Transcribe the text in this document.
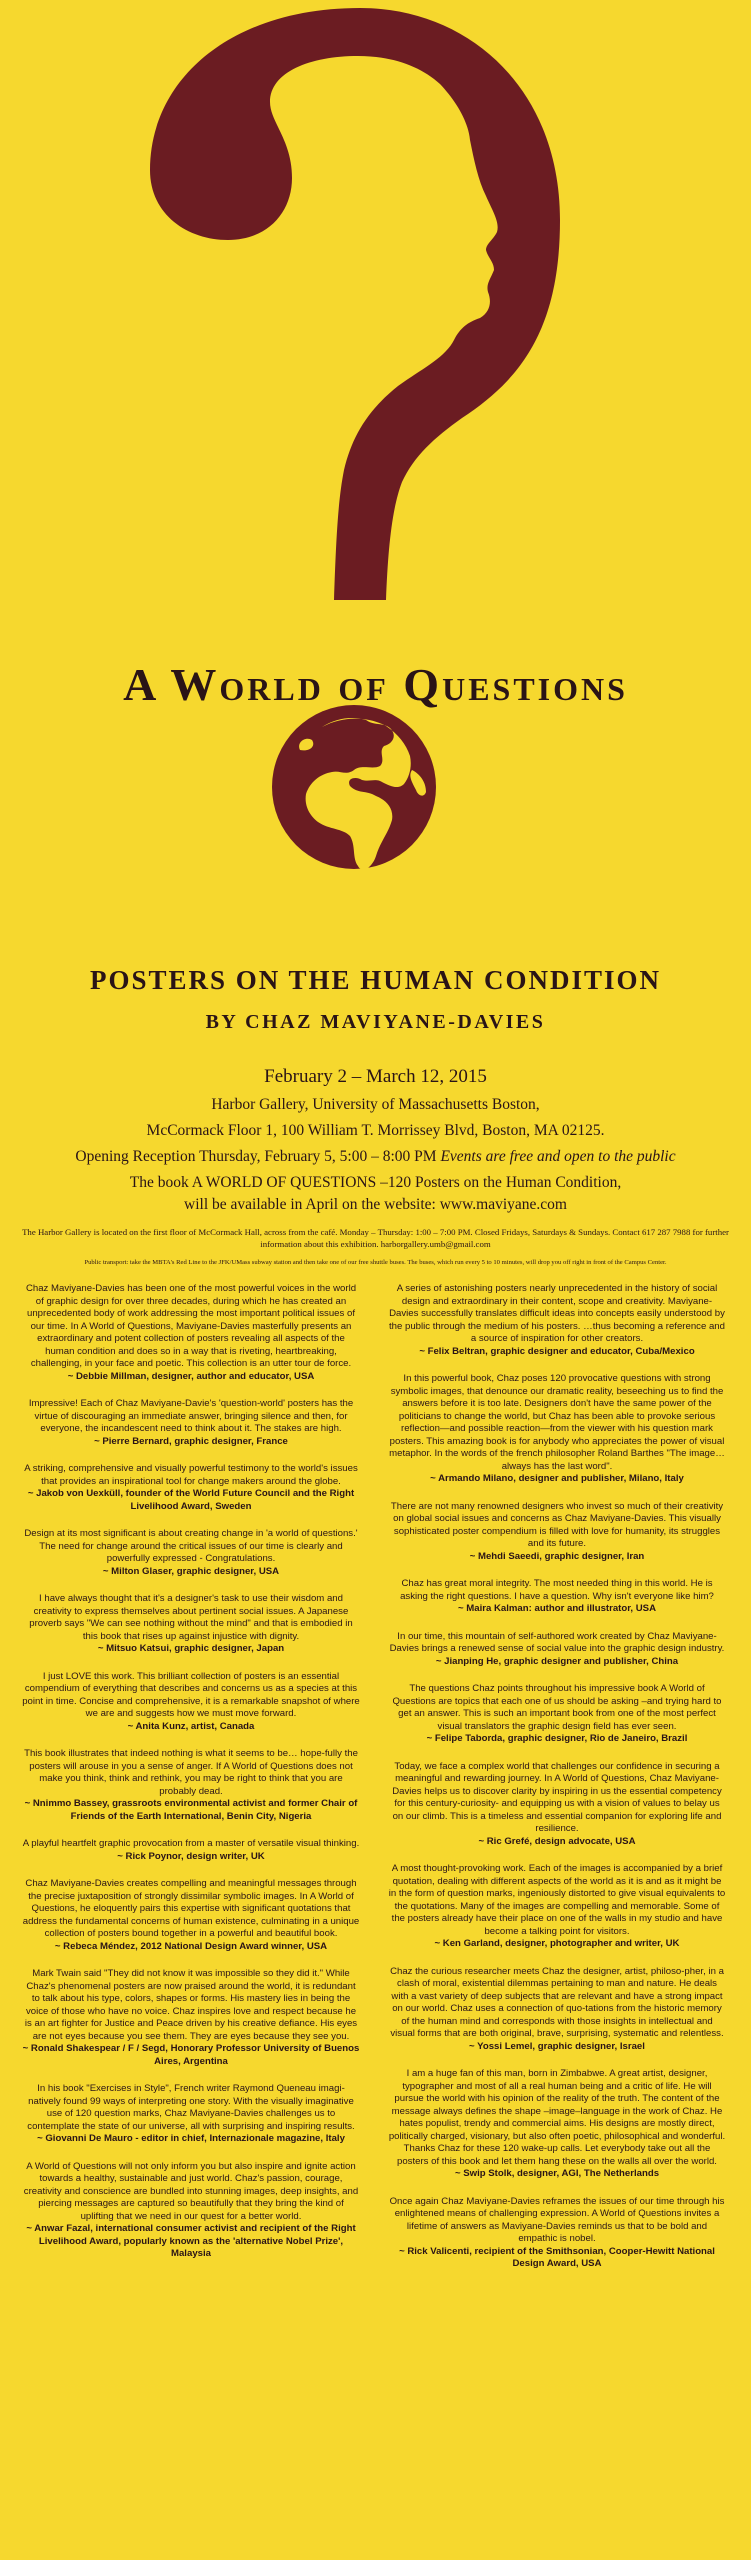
A World of Questions
POSTERS ON THE HUMAN CONDITION
BY CHAZ MAVIYANE-DAVIES

February 2 – March 12, 2015

Harbor Gallery, University of Massachusetts Boston,

McCormack Floor 1, 100 William T. Morrissey Blvd, Boston, MA 02125.

Opening Reception Thursday, February 5, 5:00 – 8:00 PM Events are free and open to the public

The book A WORLD OF QUESTIONS –120 Posters on the Human Condition,

will be available in April on the website: www.maviyane.com

The Harbor Gallery is located on the first floor of McCormack Hall, across from the café. Monday – Thursday: 1:00 – 7:00 PM. Closed Fridays, Saturdays & Sundays. Contact 617 287 7988 for further information about this exhibition. harborgallery.umb@gmail.com

Public transport: take the MBTA's Red Line to the JFK/UMass subway station and then take one of our free shuttle buses. The buses, which run every 5 to 10 minutes, will drop you off right in front of the Campus Center.

Chaz Maviyane-Davies has been one of the most powerful voices in the world of graphic design for over three decades, during which he has created an unprecedented body of work addressing the most important political issues of our time. In A World of Questions, Maviyane-Davies masterfully presents an extraordinary and potent collection of posters revealing all aspects of the human condition and does so in a way that is riveting, heartbreaking, challenging, in your face and poetic. This collection is an utter tour de force.

~ Debbie Millman, designer, author and educator, USA

Impressive! Each of Chaz Maviyane-Davie's 'question-world' posters has the virtue of discouraging an immediate answer, bringing silence and then, for everyone, the incandescent need to think about it. The stakes are high.

~ Pierre Bernard, graphic designer, France

A striking, comprehensive and visually powerful testimony to the world's issues that provides an inspirational tool for change makers around the globe.

~ Jakob von Uexküll, founder of the World Future Council and the Right Livelihood Award, Sweden

Design at its most significant is about creating change in 'a world of questions.' The need for change around the critical issues of our time is clearly and powerfully expressed - Congratulations.

~ Milton Glaser, graphic designer, USA

I have always thought that it's a designer's task to use their wisdom and creativity to express themselves about pertinent social issues. A Japanese proverb says "We can see nothing without the mind" and that is embodied in this book that rises up against injustice with dignity.

~ Mitsuo Katsui, graphic designer, Japan

I just LOVE this work. This brilliant collection of posters is an essential compendium of everything that describes and concerns us as a species at this point in time. Concise and comprehensive, it is a remarkable snapshot of where we are and suggests how we must move forward.

~ Anita Kunz, artist, Canada

This book illustrates that indeed nothing is what it seems to be… hope-fully the posters will arouse in you a sense of anger. If A World of Questions does not make you think, think and rethink, you may be right to think that you are probably dead.

~ Nnimmo Bassey, grassroots environmental activist and former Chair of Friends of the Earth International, Benin City, Nigeria

A playful heartfelt graphic provocation from a master of versatile visual thinking.

~ Rick Poynor, design writer, UK

Chaz Maviyane-Davies creates compelling and meaningful messages through the precise juxtaposition of strongly dissimilar symbolic images. In A World of Questions, he eloquently pairs this expertise with significant quotations that address the fundamental concerns of human existence, culminating in a unique collection of posters bound together in a powerful and beautiful book.

~ Rebeca Méndez, 2012 National Design Award winner, USA

Mark Twain said "They did not know it was impossible so they did it." While Chaz's phenomenal posters are now praised around the world, it is redundant to talk about his type, colors, shapes or forms. His mastery lies in being the voice of those who have no voice. Chaz inspires love and respect because he is an art fighter for Justice and Peace driven by his creative defiance. His eyes are not eyes because you see them. They are eyes because they see you.

~ Ronald Shakespear / F / Segd, Honorary Professor University of Buenos Aires, Argentina

In his book "Exercises in Style", French writer Raymond Queneau imagi-natively found 99 ways of interpreting one story. With the visually imaginative use of 120 question marks, Chaz Maviyane-Davies challenges us to contemplate the state of our universe, all with surprising and inspiring results.

~ Giovanni De Mauro - editor in chief, Internazionale magazine, Italy

A World of Questions will not only inform you but also inspire and ignite action towards a healthy, sustainable and just world. Chaz's passion, courage, creativity and conscience are bundled into stunning images, deep insights, and piercing messages are captured so beautifully that they bring the kind of uplifting that we need in our quest for a better world.

~ Anwar Fazal, international consumer activist and recipient of the Right Livelihood Award, popularly known as the 'alternative Nobel Prize', Malaysia

A series of astonishing posters nearly unprecedented in the history of social design and extraordinary in their content, scope and creativity. Maviyane-Davies successfully translates difficult ideas into concepts easily understood by the public through the medium of his posters. …thus becoming a reference and a source of inspiration for other creators.

~ Felix Beltran, graphic designer and educator, Cuba/Mexico

In this powerful book, Chaz poses 120 provocative questions with strong symbolic images, that denounce our dramatic reality, beseeching us to find the answers before it is too late. Designers don't have the same power of the politicians to change the world, but Chaz has been able to provoke serious reflection—and possible reaction—from the viewer with his question mark posters. This amazing book is for anybody who appreciates the power of visual metaphor. In the words of the french philosopher Roland Barthes "The image… always has the last word".

~ Armando Milano, designer and publisher, Milano, Italy

There are not many renowned designers who invest so much of their creativity on global social issues and concerns as Chaz Maviyane-Davies. This visually sophisticated poster compendium is filled with love for humanity, its struggles and its future.

~ Mehdi Saeedi, graphic designer, Iran

Chaz has great moral integrity. The most needed thing in this world. He is asking the right questions. I have a question. Why isn't everyone like him?

~ Maira Kalman: author and illustrator, USA

In our time, this mountain of self-authored work created by Chaz Maviyane-Davies brings a renewed sense of social value into the graphic design industry.

~ Jianping He, graphic designer and publisher, China

The questions Chaz points throughout his impressive book A World of Questions are topics that each one of us should be asking –and trying hard to get an answer. This is such an important book from one of the most perfect visual translators the graphic design field has ever seen.

~ Felipe Taborda, graphic designer, Rio de Janeiro, Brazil

Today, we face a complex world that challenges our confidence in securing a meaningful and rewarding journey. In A World of Questions, Chaz Maviyane-Davies helps us to discover clarity by inspiring in us the essential competency for this century-curiosity- and equipping us with a vision of values to belay us on our climb. This is a timeless and essential companion for exploring life and resilience.

~ Ric Grefé, design advocate, USA

A most thought-provoking work. Each of the images is accompanied by a brief quotation, dealing with different aspects of the world as it is and as it might be in the form of question marks, ingeniously distorted to give visual equivalents to the quotations. Many of the images are compelling and memorable. Some of the posters already have their place on one of the walls in my studio and have become a talking point for visitors.

~ Ken Garland, designer, photographer and writer, UK

Chaz the curious researcher meets Chaz the designer, artist, philoso-pher, in a clash of moral, existential dilemmas pertaining to man and nature. He deals with a vast variety of deep subjects that are relevant and have a strong impact on our world. Chaz uses a connection of quo-tations from the historic memory of the human mind and corresponds with those insights in intellectual and visual forms that are both original, brave, surprising, systematic and relentless.

~ Yossi Lemel, graphic designer, Israel

I am a huge fan of this man, born in Zimbabwe. A great artist, designer, typographer and most of all a real human being and a critic of life. He will pursue the world with his opinion of the reality of the truth. The content of the message always defines the shape –image–language in the work of Chaz. He hates populist, trendy and commercial aims. His designs are mostly direct, politically charged, visionary, but also often poetic, philosophical and wonderful. Thanks Chaz for these 120 wake-up calls. Let everybody take out all the posters of this book and let them hang these on the walls all over the world.

~ Swip Stolk, designer, AGI, The Netherlands

Once again Chaz Maviyane-Davies reframes the issues of our time through his enlightened means of challenging expression. A World of Questions invites a lifetime of answers as Maviyane-Davies reminds us that to be bold and empathic is nobel.

~ Rick Valicenti, recipient of the Smithsonian, Cooper-Hewitt National Design Award, USA
